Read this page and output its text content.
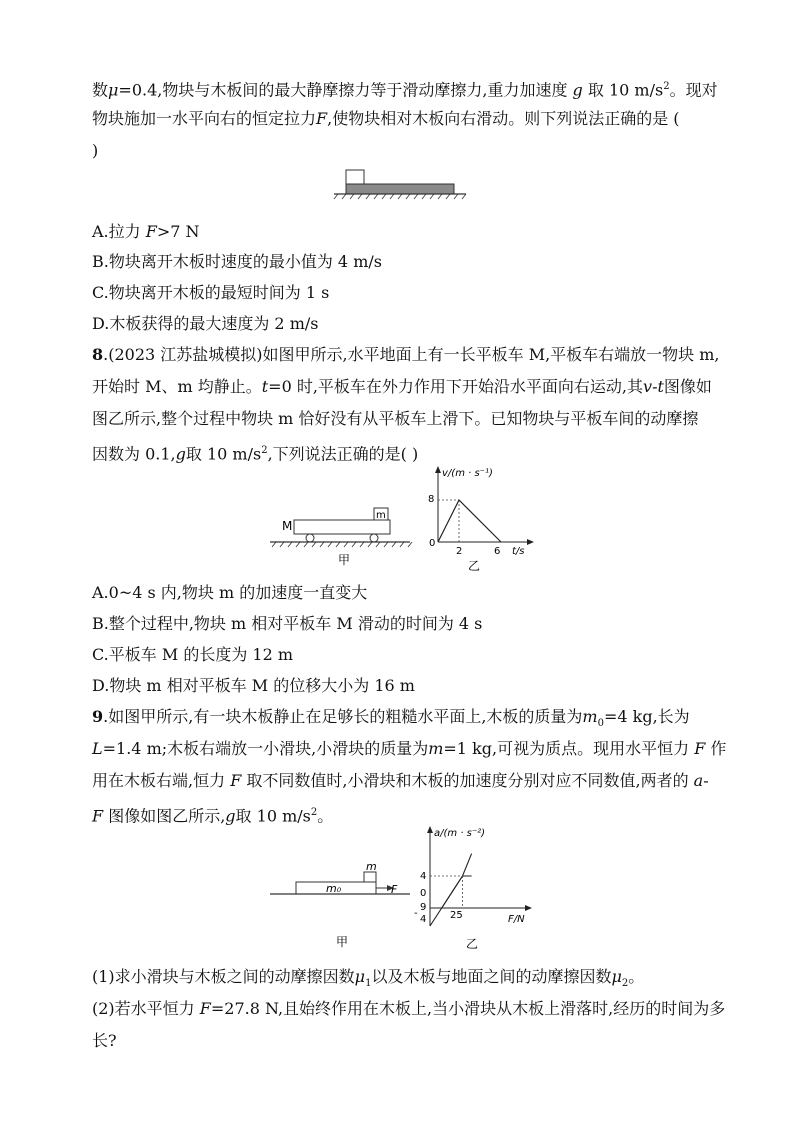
数μ=0.4,物块与木板间的最大静摩擦力等于滑动摩擦力,重力加速度 g 取 10 $m/s^2$。现对
物块施加一水平向右的恒定拉力F,使物块相对木板向右滑动。则下列说法正确的是 (
)
A.拉力 F>7 N
B.物块离开木板时速度的最小值为 4 m/s
C.物块离开木板的最短时间为 1 s
D.木板获得的最大速度为 2 m/s
8.(2023 江苏盐城模拟)如图甲所示,水平地面上有一长平板车 M,平板车右端放一物块 m,
开始时 M、m 均静止。t=0 时,平板车在外力作用下开始沿水平面向右运动,其v-t图像如
图乙所示,整个过程中物块 m 恰好没有从平板车上滑下。已知物块与平板车间的动摩擦
因数为 0.1,g取 10 $m/s^2$,下列说法正确的是( )
M
m
甲
v/(m · s⁻¹)
t/s
8
0
2	6
乙
A.0~4 s 内,物块 m 的加速度一直变大
B.整个过程中,物块 m 相对平板车 M 滑动的时间为 4 s
C.平板车 M 的长度为 12 m
D.物块 m 相对平板车 M 的位移大小为 16 m
9.如图甲所示,有一块木板静止在足够长的粗糙水平面上,木板的质量为$m_0=4$ kg,长为
L=1.4 m;木板右端放一小滑块,小滑块的质量为m=1 kg,可视为质点。现用水平恒力 F 作
用在木板右端,恒力 F 取不同数值时,小滑块和木板的加速度分别对应不同数值,两者的 a-
F 图像如图乙所示,g取 10 $m/s^2$。
m₀
m
F
甲
a/(m · s⁻²)
F/N
4
0
-
9
4 25
乙
(1)求小滑块与木板之间的动摩擦因数$\mu_1$以及木板与地面之间的动摩擦因数$\mu_2$。
(2)若水平恒力 F=27.8 N,且始终作用在木板上,当小滑块从木板上滑落时,经历的时间为多
长?
